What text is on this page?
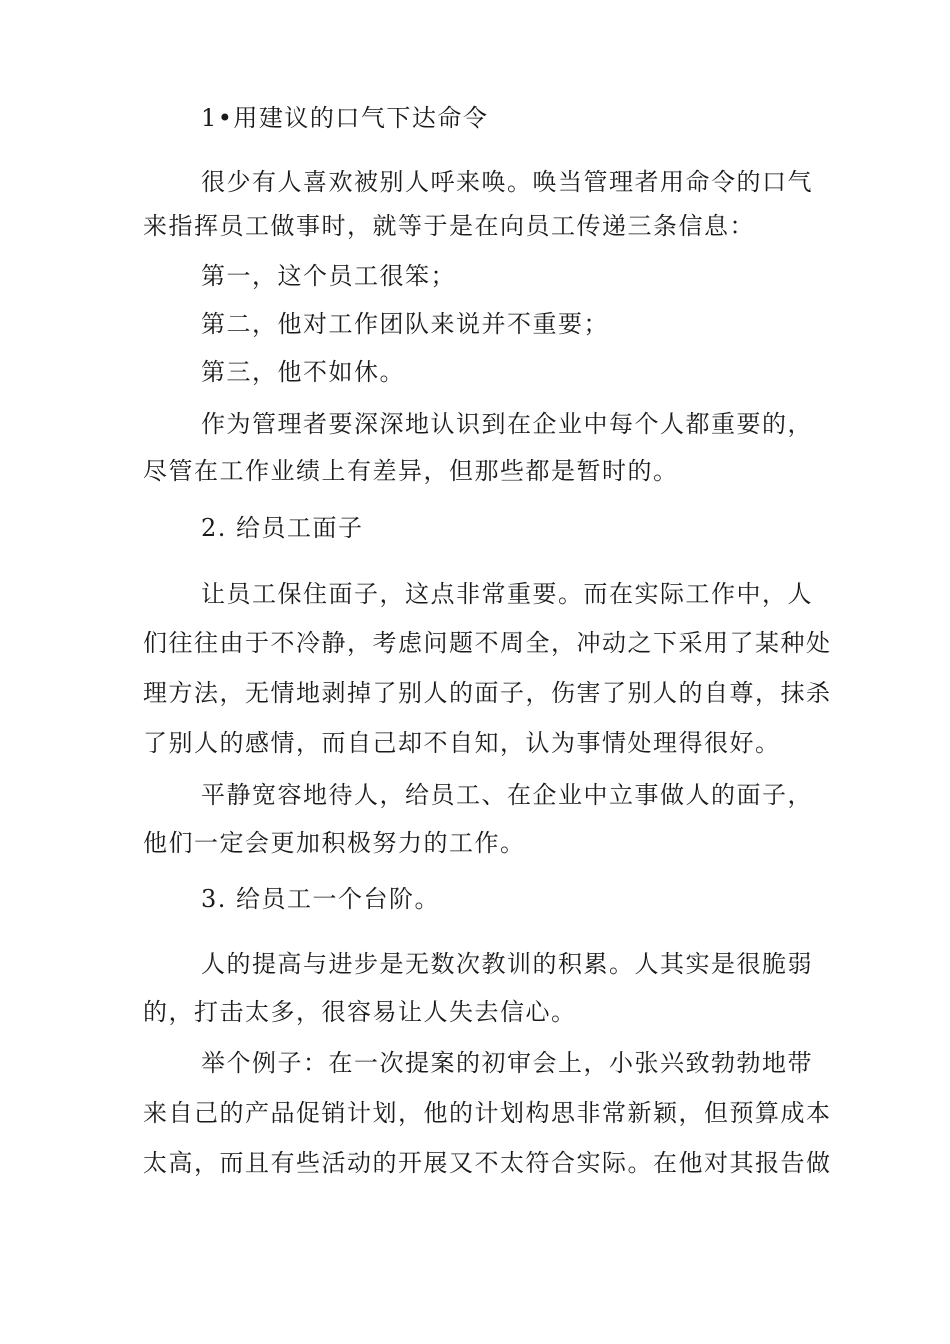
1•用建议的口气下达命令
很少有人喜欢被别人呼来唤。唤当管理者用命令的口气
来指挥员工做事时，就等于是在向员工传递三条信息：
第一，这个员工很笨；
第二，他对工作团队来说并不重要；
第三，他不如休。
作为管理者要深深地认识到在企业中每个人都重要的，
尽管在工作业绩上有差异，但那些都是暂时的。
2. 给员工面子
让员工保住面子，这点非常重要。而在实际工作中，人
们往往由于不冷静，考虑问题不周全，冲动之下采用了某种处
理方法，无情地剥掉了别人的面子，伤害了别人的自尊，抹杀
了别人的感情，而自己却不自知，认为事情处理得很好。
平静宽容地待人，给员工、在企业中立事做人的面子，
他们一定会更加积极努力的工作。
3. 给员工一个台阶。
人的提高与进步是无数次教训的积累。人其实是很脆弱
的，打击太多，很容易让人失去信心。
举个例子：在一次提案的初审会上，小张兴致勃勃地带
来自己的产品促销计划，他的计划构思非常新颖，但预算成本
太高，而且有些活动的开展又不太符合实际。在他对其报告做
